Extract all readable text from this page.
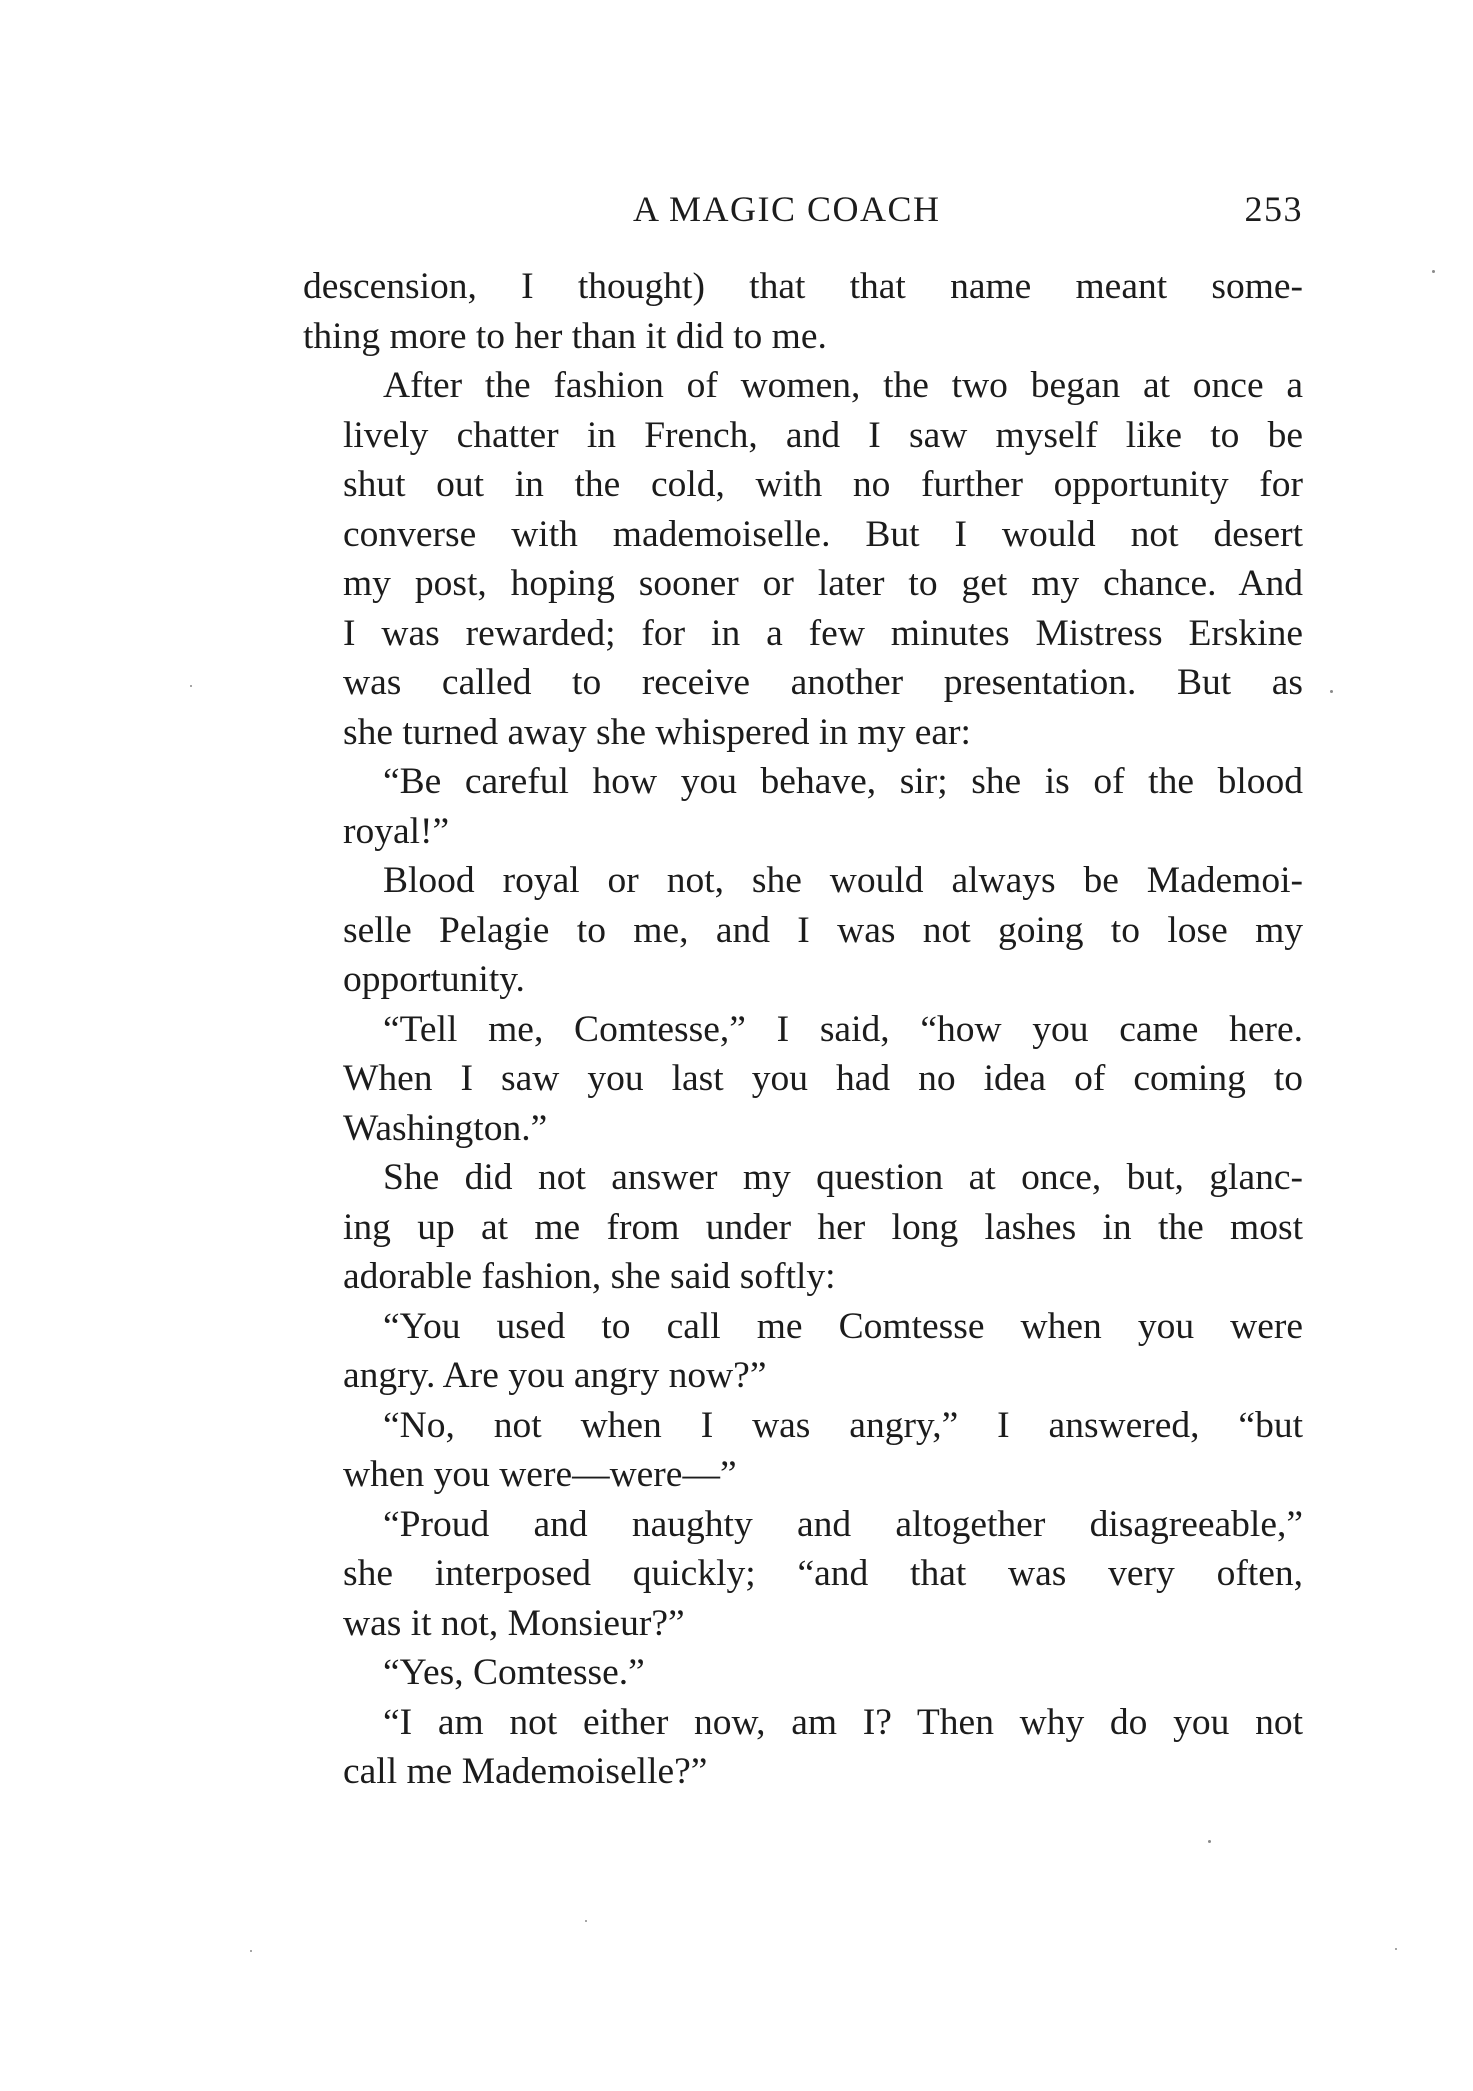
A MAGIC COACH	253
descension, I thought) that that name meant some-
thing more to her than it did to me.
After the fashion of women, the two began at once a
lively chatter in French, and I saw myself like to be
shut out in the cold, with no further opportunity for
converse with mademoiselle. But I would not desert
my post, hoping sooner or later to get my chance. And
I was rewarded; for in a few minutes Mistress Erskine
was called to receive another presentation. But as
she turned away she whispered in my ear:
“Be careful how you behave, sir; she is of the blood
royal!”
Blood royal or not, she would always be Mademoi-
selle Pelagie to me, and I was not going to lose my
opportunity.
“Tell me, Comtesse,” I said, “how you came here.
When I saw you last you had no idea of coming to
Washington.”
She did not answer my question at once, but, glanc-
ing up at me from under her long lashes in the most
adorable fashion, she said softly:
“You used to call me Comtesse when you were
angry. Are you angry now?”
“No, not when I was angry,” I answered, “but
when you were—were—”
“Proud and naughty and altogether disagreeable,”
she interposed quickly; “and that was very often,
was it not, Monsieur?”
“Yes, Comtesse.”
“I am not either now, am I? Then why do you not
call me Mademoiselle?”
